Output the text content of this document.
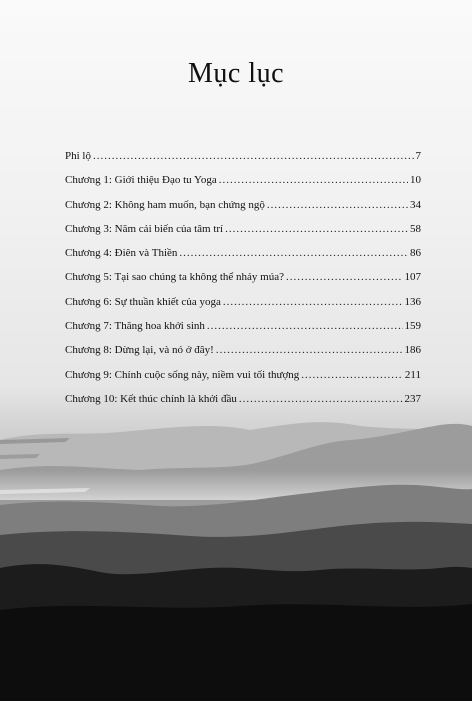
Mục lục
Phi lộ .....	7
Chương 1: Giới thiệu Đạo tu Yoga .....	10
Chương 2: Không ham muốn, bạn chứng ngộ .....	34
Chương 3: Năm cải biến của tâm trí .....	58
Chương 4: Điên và Thiền .....	86
Chương 5: Tại sao chúng ta không thể nhảy múa? .....	107
Chương 6: Sự thuần khiết của yoga .....	136
Chương 7: Thăng hoa khởi sinh .....	159
Chương 8: Dừng lại, và nó ở đây! .....	186
Chương 9: Chính cuộc sống này, niềm vui tối thượng .....	211
Chương 10: Kết thúc chính là khởi đầu .....	237
